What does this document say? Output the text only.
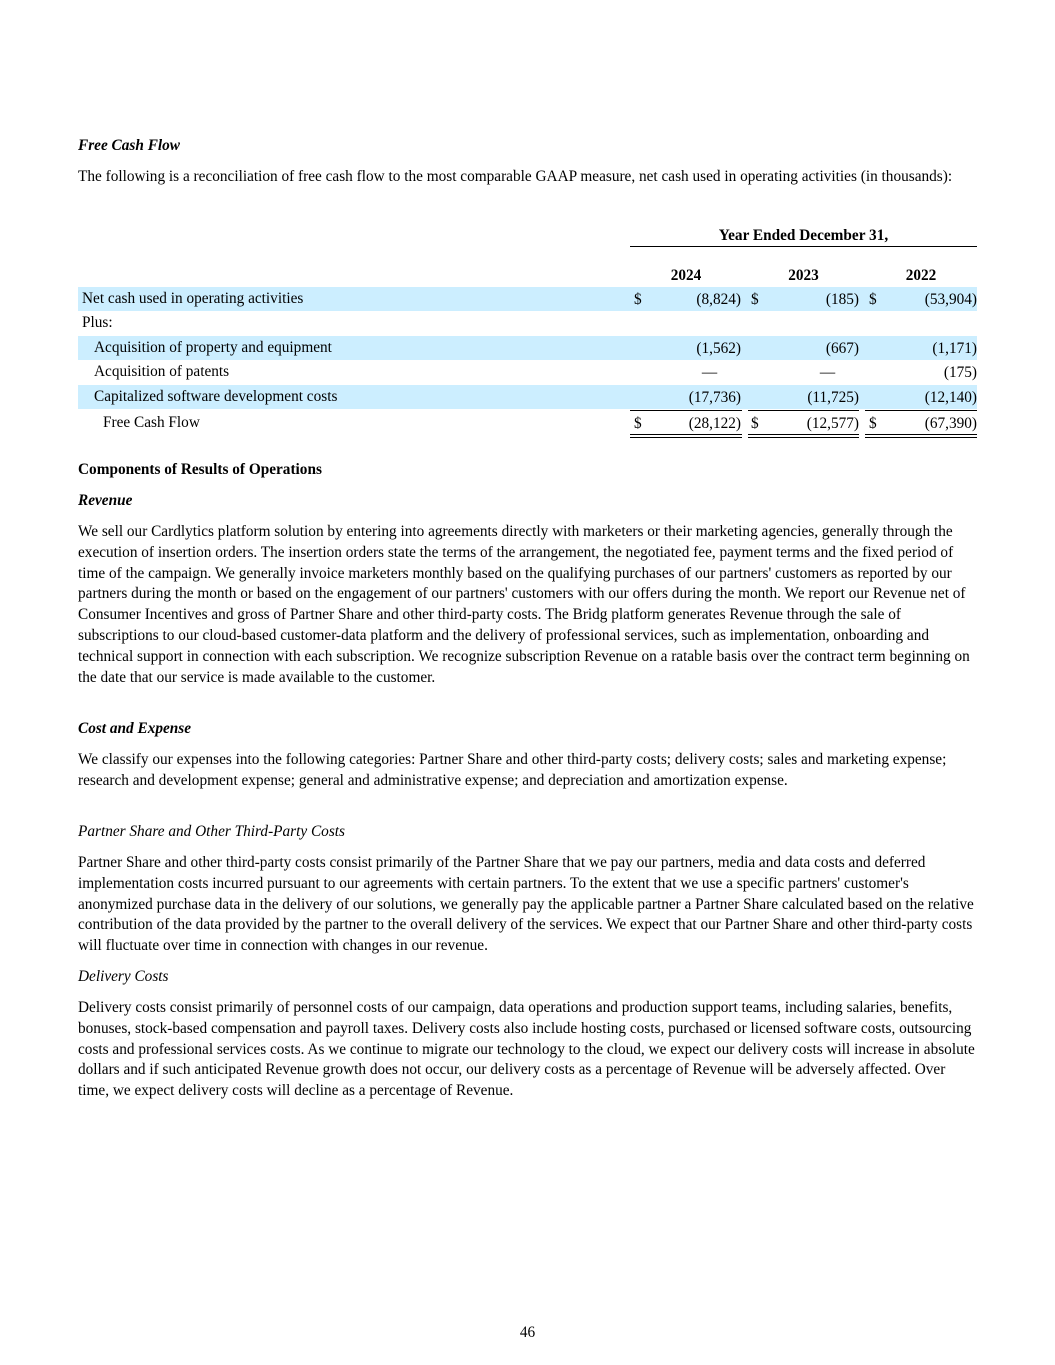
Free Cash Flow

The following is a reconciliation of free cash flow to the most comparable GAAP measure, net cash used in operating activities (in thousands):

Year Ended December 31,
2024	2023	2022
Net cash used in operating activities	$	(8,824) $	(185) $	(53,904)
Plus:
Acquisition of property and equipment	(1,562)	(667)	(1,171)
Acquisition of patents	—	—	(175)
Capitalized software development costs	(17,736)	(11,725)	(12,140)
Free Cash Flow	$	(28,122) $	(12,577) $	(67,390)

Components of Results of Operations

Revenue

We sell our Cardlytics platform solution by entering into agreements directly with marketers or their marketing agencies, generally through the execution of insertion orders. The insertion orders state the terms of the arrangement, the negotiated fee, payment terms and the fixed period of time of the campaign. We generally invoice marketers monthly based on the qualifying purchases of our partners' customers as reported by our partners during the month or based on the engagement of our partners' customers with our offers during the month. We report our Revenue net of Consumer Incentives and gross of Partner Share and other third-party costs. The Bridg platform generates Revenue through the sale of subscriptions to our cloud-based customer-data platform and the delivery of professional services, such as implementation, onboarding and technical support in connection with each subscription. We recognize subscription Revenue on a ratable basis over the contract term beginning on the date that our service is made available to the customer.

Cost and Expense

We classify our expenses into the following categories: Partner Share and other third-party costs; delivery costs; sales and marketing expense; research and development expense; general and administrative expense; and depreciation and amortization expense.

Partner Share and Other Third-Party Costs

Partner Share and other third-party costs consist primarily of the Partner Share that we pay our partners, media and data costs and deferred implementation costs incurred pursuant to our agreements with certain partners. To the extent that we use a specific partners' customer's anonymized purchase data in the delivery of our solutions, we generally pay the applicable partner a Partner Share calculated based on the relative contribution of the data provided by the partner to the overall delivery of the services. We expect that our Partner Share and other third-party costs will fluctuate over time in connection with changes in our revenue.

Delivery Costs

Delivery costs consist primarily of personnel costs of our campaign, data operations and production support teams, including salaries, benefits, bonuses, stock-based compensation and payroll taxes. Delivery costs also include hosting costs, purchased or licensed software costs, outsourcing costs and professional services costs. As we continue to migrate our technology to the cloud, we expect our delivery costs will increase in absolute dollars and if such anticipated Revenue growth does not occur, our delivery costs as a percentage of Revenue will be adversely affected. Over time, we expect delivery costs will decline as a percentage of Revenue.

46
